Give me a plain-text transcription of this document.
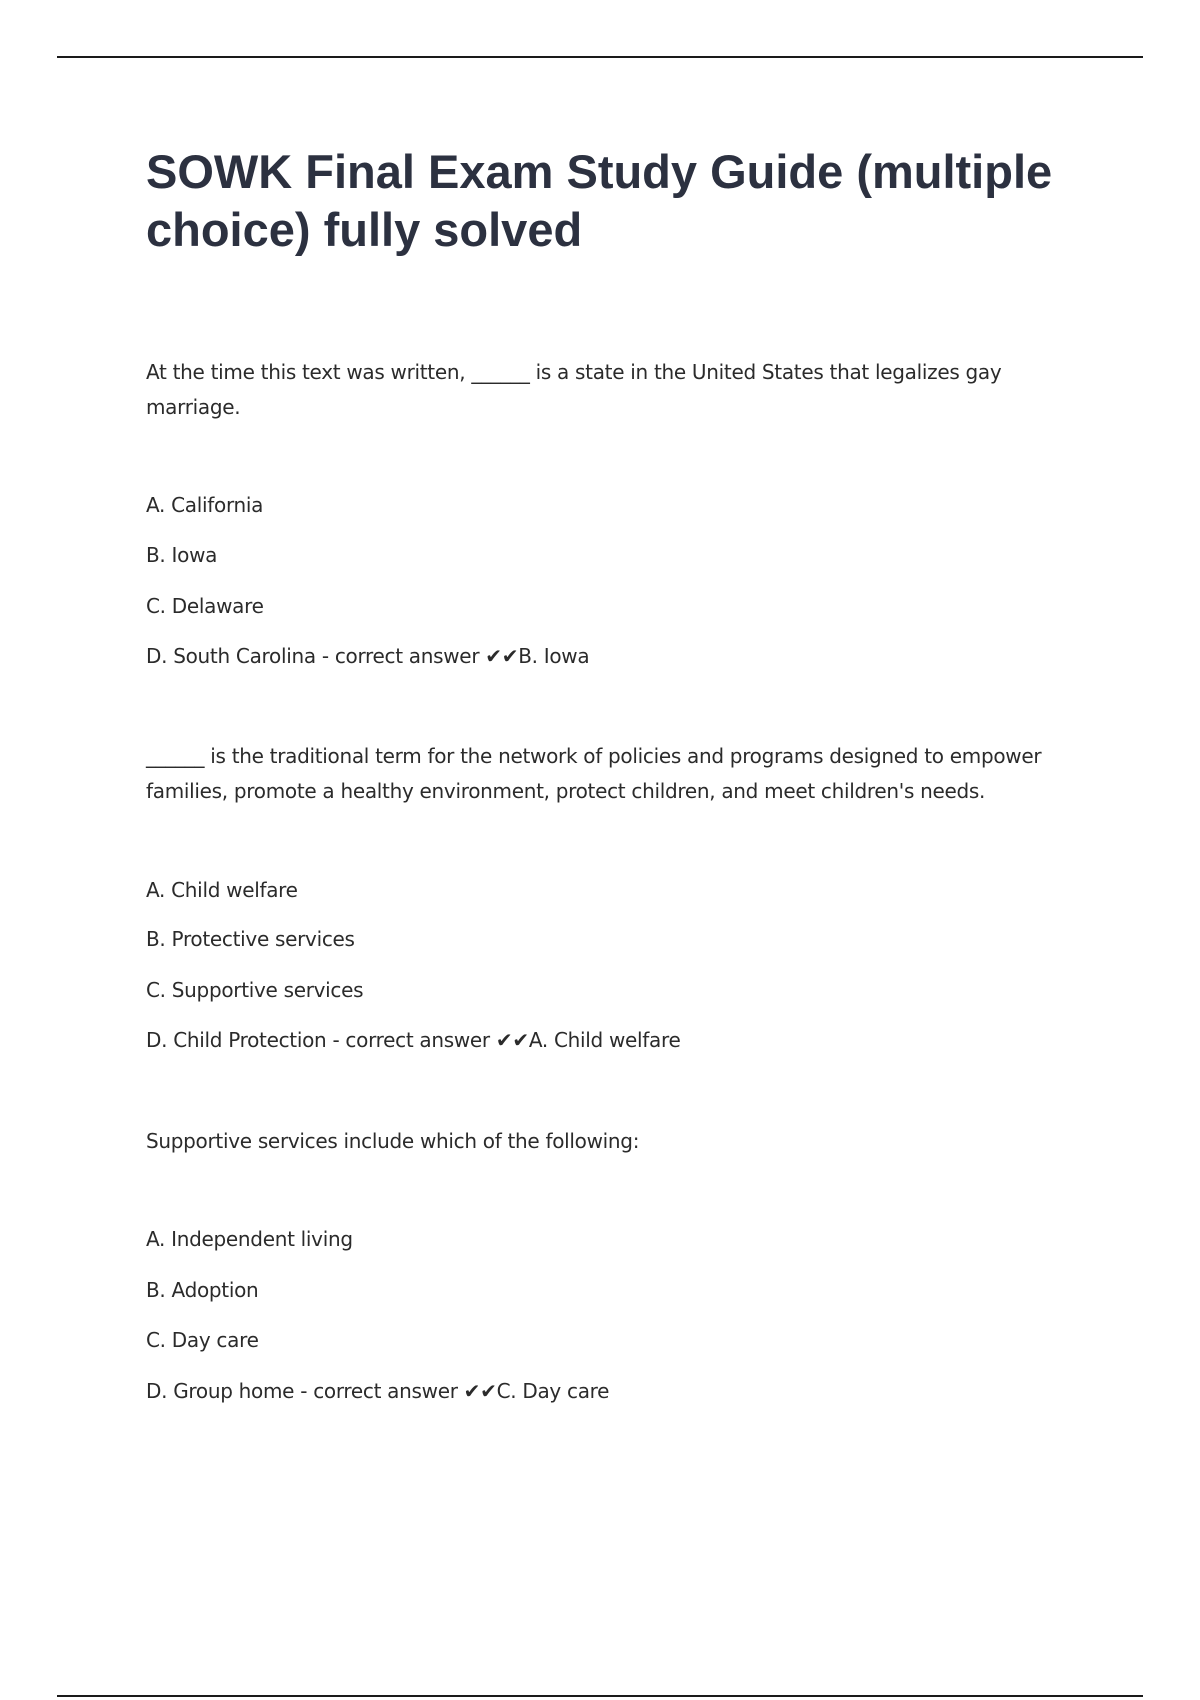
SOWK Final Exam Study Guide (multiple choice) fully solved

At the time this text was written, ______ is a state in the United States that legalizes gay marriage.

A. California

B. Iowa

C. Delaware

D. South Carolina - correct answer ✔✔B. Iowa

______ is the traditional term for the network of policies and programs designed to empower families, promote a healthy environment, protect children, and meet children's needs.

A. Child welfare

B. Protective services

C. Supportive services

D. Child Protection - correct answer ✔✔A. Child welfare

Supportive services include which of the following:

A. Independent living

B. Adoption

C. Day care

D. Group home - correct answer ✔✔C. Day care
